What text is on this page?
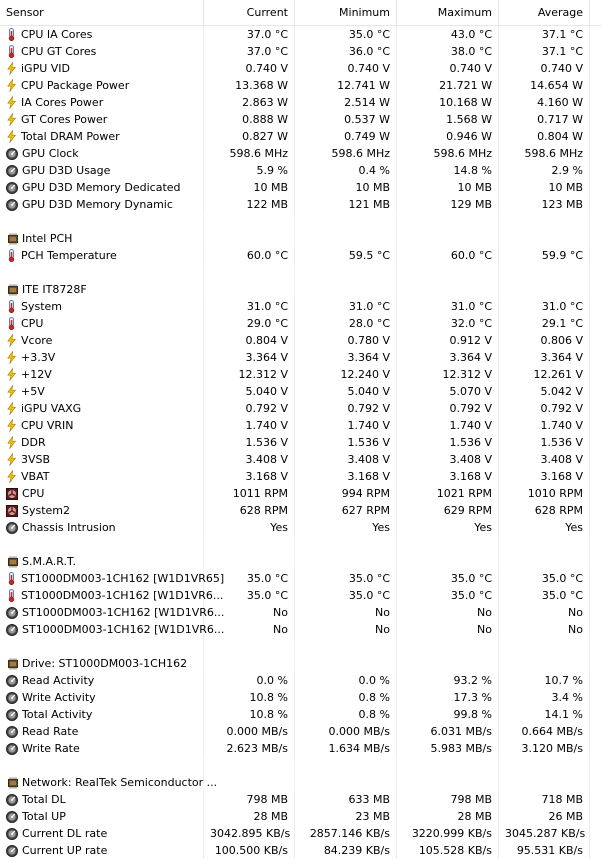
Sensor	Current	Minimum	Maximum	Average
CPU IA Cores	37.0 °C	35.0 °C	43.0 °C	37.1 °C
CPU GT Cores	37.0 °C	36.0 °C	38.0 °C	37.1 °C
iGPU VID	0.740 V	0.740 V	0.740 V	0.740 V
CPU Package Power	13.368 W	12.741 W	21.721 W	14.654 W
IA Cores Power	2.863 W	2.514 W	10.168 W	4.160 W
GT Cores Power	0.888 W	0.537 W	1.568 W	0.717 W
Total DRAM Power	0.827 W	0.749 W	0.946 W	0.804 W
GPU Clock	598.6 MHz	598.6 MHz	598.6 MHz	598.6 MHz
GPU D3D Usage	5.9 %	0.4 %	14.8 %	2.9 %
GPU D3D Memory Dedicated	10 MB	10 MB	10 MB	10 MB
GPU D3D Memory Dynamic	122 MB	121 MB	129 MB	123 MB
Intel PCH
PCH Temperature	60.0 °C	59.5 °C	60.0 °C	59.9 °C
ITE IT8728F
System	31.0 °C	31.0 °C	31.0 °C	31.0 °C
CPU	29.0 °C	28.0 °C	32.0 °C	29.1 °C
Vcore	0.804 V	0.780 V	0.912 V	0.806 V
+3.3V	3.364 V	3.364 V	3.364 V	3.364 V
+12V	12.312 V	12.240 V	12.312 V	12.261 V
+5V	5.040 V	5.040 V	5.070 V	5.042 V
iGPU VAXG	0.792 V	0.792 V	0.792 V	0.792 V
CPU VRIN	1.740 V	1.740 V	1.740 V	1.740 V
DDR	1.536 V	1.536 V	1.536 V	1.536 V
3VSB	3.408 V	3.408 V	3.408 V	3.408 V
VBAT	3.168 V	3.168 V	3.168 V	3.168 V
CPU	1011 RPM	994 RPM	1021 RPM	1010 RPM
System2	628 RPM	627 RPM	629 RPM	628 RPM
Chassis Intrusion	Yes	Yes	Yes	Yes
S.M.A.R.T.
ST1000DM003-1CH162 [W1D1VR65]	35.0 °C	35.0 °C	35.0 °C	35.0 °C
ST1000DM003-1CH162 [W1D1VR6...	35.0 °C	35.0 °C	35.0 °C	35.0 °C
ST1000DM003-1CH162 [W1D1VR6...	No	No	No	No
ST1000DM003-1CH162 [W1D1VR6...	No	No	No	No
Drive: ST1000DM003-1CH162
Read Activity	0.0 %	0.0 %	93.2 %	10.7 %
Write Activity	10.8 %	0.8 %	17.3 %	3.4 %
Total Activity	10.8 %	0.8 %	99.8 %	14.1 %
Read Rate	0.000 MB/s	0.000 MB/s	6.031 MB/s	0.664 MB/s
Write Rate	2.623 MB/s	1.634 MB/s	5.983 MB/s	3.120 MB/s
Network: RealTek Semiconductor ...
Total DL	798 MB	633 MB	798 MB	718 MB
Total UP	28 MB	23 MB	28 MB	26 MB
Current DL rate	3042.895 KB/s	2857.146 KB/s	3220.999 KB/s	3045.287 KB/s
Current UP rate	100.500 KB/s	84.239 KB/s	105.528 KB/s	95.531 KB/s
